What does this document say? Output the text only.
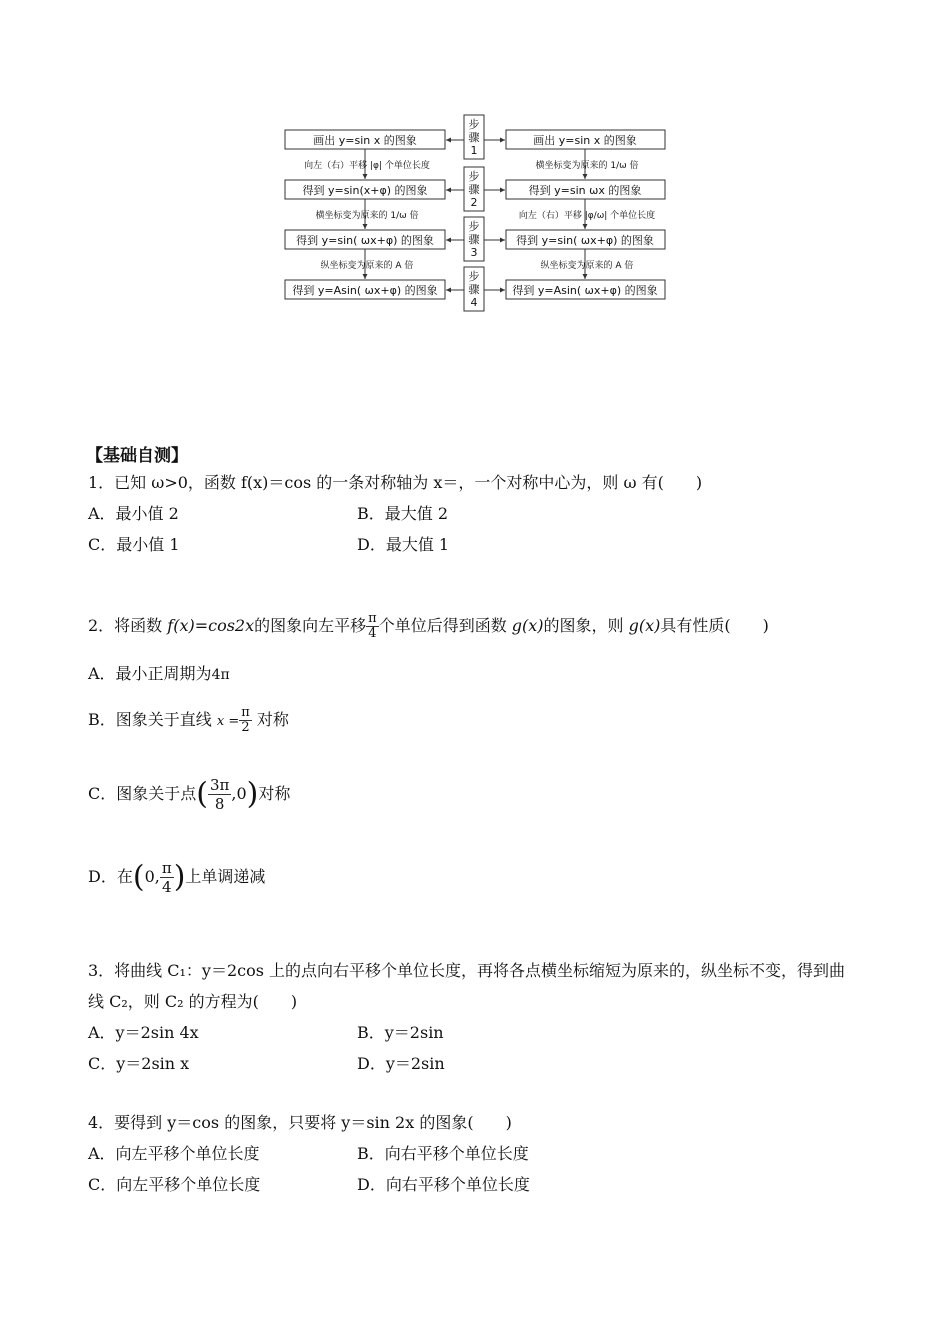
画出 y=sin x 的图象
得到 y=sin(x+φ) 的图象
得到 y=sin( ωx+φ) 的图象
得到 y=Asin( ωx+φ) 的图象
画出 y=sin x 的图象
得到 y=sin ωx 的图象
得到 y=sin( ωx+φ) 的图象
得到 y=Asin( ωx+φ) 的图象
步骤 1
步骤 2
步骤 3
步骤 4
向左（右）平移 |φ| 个单位长度
横坐标变为原来的 1/ω 倍
纵坐标变为原来的 A 倍
横坐标变为原来的 1/ω 倍
向左（右）平移 |φ/ω| 个单位长度
纵坐标变为原来的 A 倍
【基础自测】
1．已知 ω>0，函数 f(x)＝cos 的一条对称轴为 x＝，一个对称中心为，则 ω 有(　　)
A．最小值 2	B．最大值 2
C．最小值 1	D．最大值 1
2．将函数 f(x)=cos2x的图象向左平移 $\frac{\pi}{4}$ 个单位后得到函数 g(x)的图象，则 g(x)具有性质(　　)
A．最小正周期为4π
B．图象关于直线 $x = \frac{\pi}{2}$ 对称
C．图象关于点( $\frac{3\pi}{8} ,0$)对称
D．在(0, $\frac{\pi}{4}$ )上单调递减
3．将曲线 C₁：y＝2cos 上的点向右平移个单位长度，再将各点横坐标缩短为原来的，纵坐标不变，得到曲
线 C₂，则 C₂ 的方程为(　　)
A．y＝2sin 4x	B．y＝2sin
C．y＝2sin x	D．y＝2sin
4．要得到 y＝cos 的图象，只要将 y＝sin 2x 的图象(　　)
A．向左平移个单位长度	B．向右平移个单位长度
C．向左平移个单位长度	D．向右平移个单位长度
